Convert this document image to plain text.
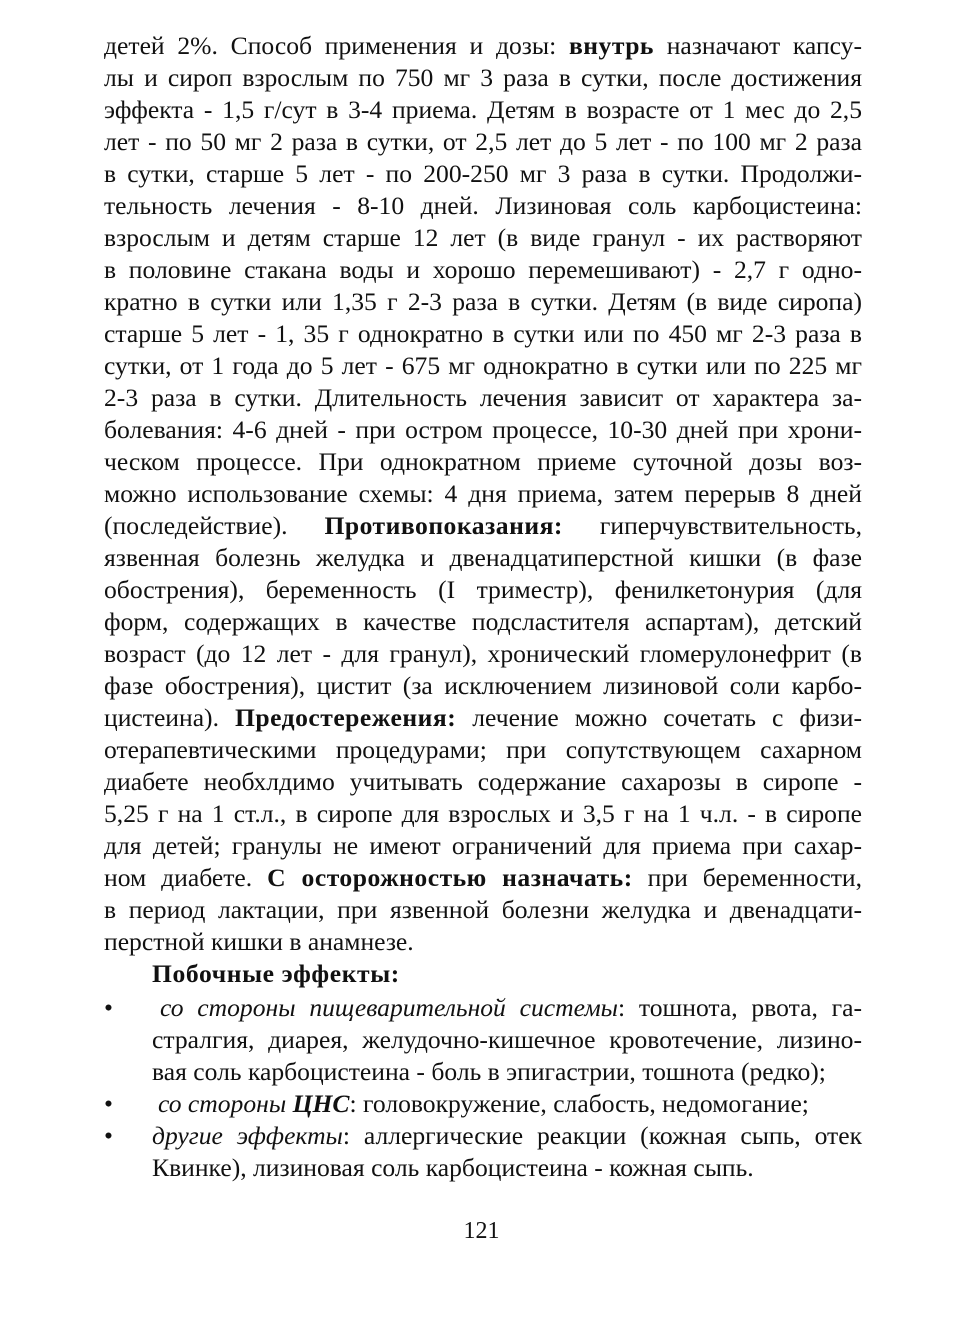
детей 2%. Способ применения и дозы: внутрь назначают капсу-
лы и сироп взрослым по 750 мг 3 раза в сутки, после достижения
эффекта - 1,5 г/сут в 3-4 приема. Детям в возрасте от 1 мес до 2,5
лет - по 50 мг 2 раза в сутки, от 2,5 лет до 5 лет - по 100 мг 2 раза
в сутки, старше 5 лет - по 200-250 мг 3 раза в сутки. Продолжи-
тельность лечения - 8-10 дней. Лизиновая соль карбоцистеина:
взрослым и детям старше 12 лет (в виде гранул - их растворяют
в половине стакана воды и хорошо перемешивают) - 2,7 г одно-
кратно в сутки или 1,35 г 2-3 раза в сутки. Детям (в виде сиропа)
старше 5 лет - 1, 35 г однократно в сутки или по 450 мг 2-3 раза в
сутки, от 1 года до 5 лет - 675 мг однократно в сутки или по 225 мг
2-3 раза в сутки. Длительность лечения зависит от характера за-
болевания: 4-6 дней - при остром процессе, 10-30 дней при хрони-
ческом процессе. При однократном приеме суточной дозы воз-
можно использование схемы: 4 дня приема, затем перерыв 8 дней
(последействие). Противопоказания: гиперчувствительность,
язвенная болезнь желудка и двенадцатиперстной кишки (в фазе
обострения), беременность (I триместр), фенилкетонурия (для
форм, содержащих в качестве подсластителя аспартам), детский
возраст (до 12 лет - для гранул), хронический гломерулонефрит (в
фазе обострения), цистит (за исключением лизиновой соли карбо-
цистеина). Предостережения: лечение можно сочетать с физи-
отерапевтическими процедурами; при сопутствующем сахарном
диабете необхлдимо учитывать содержание сахарозы в сиропе -
5,25 г на 1 ст.л., в сиропе для взрослых и 3,5 г на 1 ч.л. - в сиропе
для детей; гранулы не имеют ограничений для приема при сахар-
ном диабете. С осторожностью назначать: при беременности,
в период лактации, при язвенной болезни желудка и двенадцати-
перстной кишки в анамнезе.
Побочные эффекты:
•	со стороны пищеварительной системы: тошнота, рвота, га-
стралгия, диарея, желудочно-кишечное кровотечение, лизино-
вая соль карбоцистеина - боль в эпигастрии, тошнота (редко);
•	со стороны ЦНС: головокружение, слабость, недомогание;
•	другие эффекты: аллергические реакции (кожная сыпь, отек
Квинке), лизиновая соль карбоцистеина - кожная сыпь.
121
